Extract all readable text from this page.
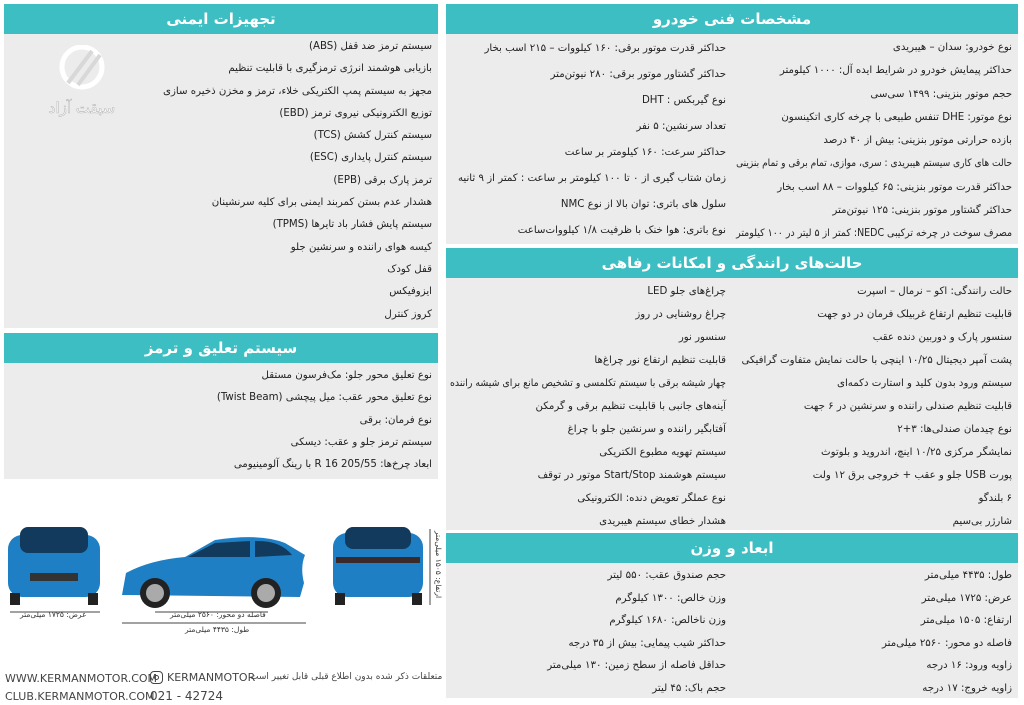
مشخصات فنی خودرو
نوع خودرو: سدان – هیبریدی
حداکثر پیمایش خودرو در شرایط ایده آل: ۱۰۰۰ کیلومتر
حجم موتور بنزینی: ۱۴۹۹ سی‌سی
نوع موتور: DHE تنفس طبیعی با چرخه کاری اتکینسون
بازده حرارتی موتور بنزینی: بیش از ۴۰ درصد
حالت های کاری سیستم هیبریدی : سری، موازی، تمام برقی و تمام بنزینی
حداکثر قدرت موتور بنزینی: ۶۵ کیلووات – ۸۸ اسب بخار
حداکثر گشتاور موتور بنزینی: ۱۲۵ نیوتن‌متر
مصرف سوخت در چرخه ترکیبی NEDC: کمتر از ۵ لیتر در ۱۰۰ کیلومتر
حداکثر قدرت موتور برقی: ۱۶۰ کیلووات – ۲۱۵ اسب بخار
حداکثر گشتاور موتور برقی: ۲۸۰ نیوتن‌متر
نوع گیربکس : DHT
تعداد سرنشین: ۵ نفر
حداکثر سرعت: ۱۶۰ کیلومتر بر ساعت
زمان شتاب گیری از ۰ تا ۱۰۰ کیلومتر بر ساعت : کمتر از ۹ ثانیه
سلول های باتری: توان بالا از نوع NMC
نوع باتری: هوا خنک با ظرفیت ۱/۸ کیلووات‌ساعت
حالت‌های رانندگی و امکانات رفاهی
حالت رانندگی: اکو – نرمال – اسپرت
قابلیت تنظیم ارتفاع غربیلک فرمان در دو جهت
سنسور پارک و دوربین دنده عقب
پشت آمپر دیجیتال ۱۰/۲۵ اینچی با حالت نمایش متفاوت گرافیکی
سیستم ورود بدون کلید و استارت دکمه‌ای
قابلیت تنظیم صندلی راننده و سرنشین در ۶ جهت
نوع چیدمان صندلی‌ها: ۳+۲
نمایشگر مرکزی ۱۰/۲۵ اینچ، اندروید و بلوتوث
پورت USB جلو و عقب + خروجی برق ۱۲ ولت
۶ بلندگو
شارژر بی‌سیم
چراغ‌های جلو LED
چراغ روشنایی در روز
سنسور نور
قابلیت تنظیم ارتفاع نور چراغ‌ها
چهار شیشه برقی با سیستم تکلمسی و تشخیص مانع برای شیشه راننده
آینه‌های جانبی با قابلیت تنظیم برقی و گرمکن
آفتابگیر راننده و سرنشین جلو با چراغ
سیستم تهویه مطبوع الکتریکی
سیستم هوشمند Start/Stop موتور در توقف
نوع عملگر تعویض دنده: الکترونیکی
هشدار خطای سیستم هیبریدی
ابعاد و وزن
طول: ۴۴۳۵ میلی‌متر
عرض: ۱۷۲۵ میلی‌متر
ارتفاع: ۱۵۰۵ میلی‌متر
فاصله دو محور: ۲۵۶۰ میلی‌متر
زاویه ورود: ۱۶ درجه
زاویه خروج: ۱۷ درجه
حجم صندوق عقب: ۵۵۰ لیتر
وزن خالص: ۱۳۰۰ کیلوگرم
وزن ناخالص: ۱۶۸۰ کیلوگرم
حداکثر شیب پیمایی: بیش از ۳۵ درجه
حداقل فاصله از سطح زمین: ۱۳۰ میلی‌متر
حجم باک: ۴۵ لیتر
تجهیزات ایمنی
سیستم ترمز ضد قفل (ABS)
بازیابی هوشمند انرژی ترمزگیری با قابلیت تنظیم
مجهز به سیستم پمپ الکتریکی خلاء، ترمز و مخزن ذخیره سازی
توزیع الکترونیکی نیروی ترمز (EBD)
سیستم کنترل کشش (TCS)
سیستم کنترل پایداری (ESC)
ترمز پارک برقی (EPB)
هشدار عدم بستن کمربند ایمنی برای کلیه سرنشینان
سیستم پایش فشار باد تایرها (TPMS)
کیسه هوای راننده و سرنشین جلو
قفل کودک
ایزوفیکس
کروز کنترل
سبقت آزاد
سیستم تعلیق و ترمز
نوع تعلیق محور جلو: مک‌فرسون مستقل
نوع تعلیق محور عقب: میل پیچشی (Twist Beam)
نوع فرمان: برقی
سیستم ترمز جلو و عقب: دیسکی
ابعاد چرخ‌ها: 205/55 R 16 با رینگ آلومینیومی
عرض: ۱۷۲۵ میلی‌متر	فاصله دو محور: ۲۵۶۰ میلی‌متر
طول: ۴۴۳۵ میلی‌متر
ارتفاع: ۱۵۰۵ میلی‌متر
WWW.KERMANMOTOR.COM
CLUB.KERMANMOTOR.COM
KERMANMOTOR
021 - 42724
متعلقات ذکر شده بدون اطلاع قبلی قابل تغییر است
